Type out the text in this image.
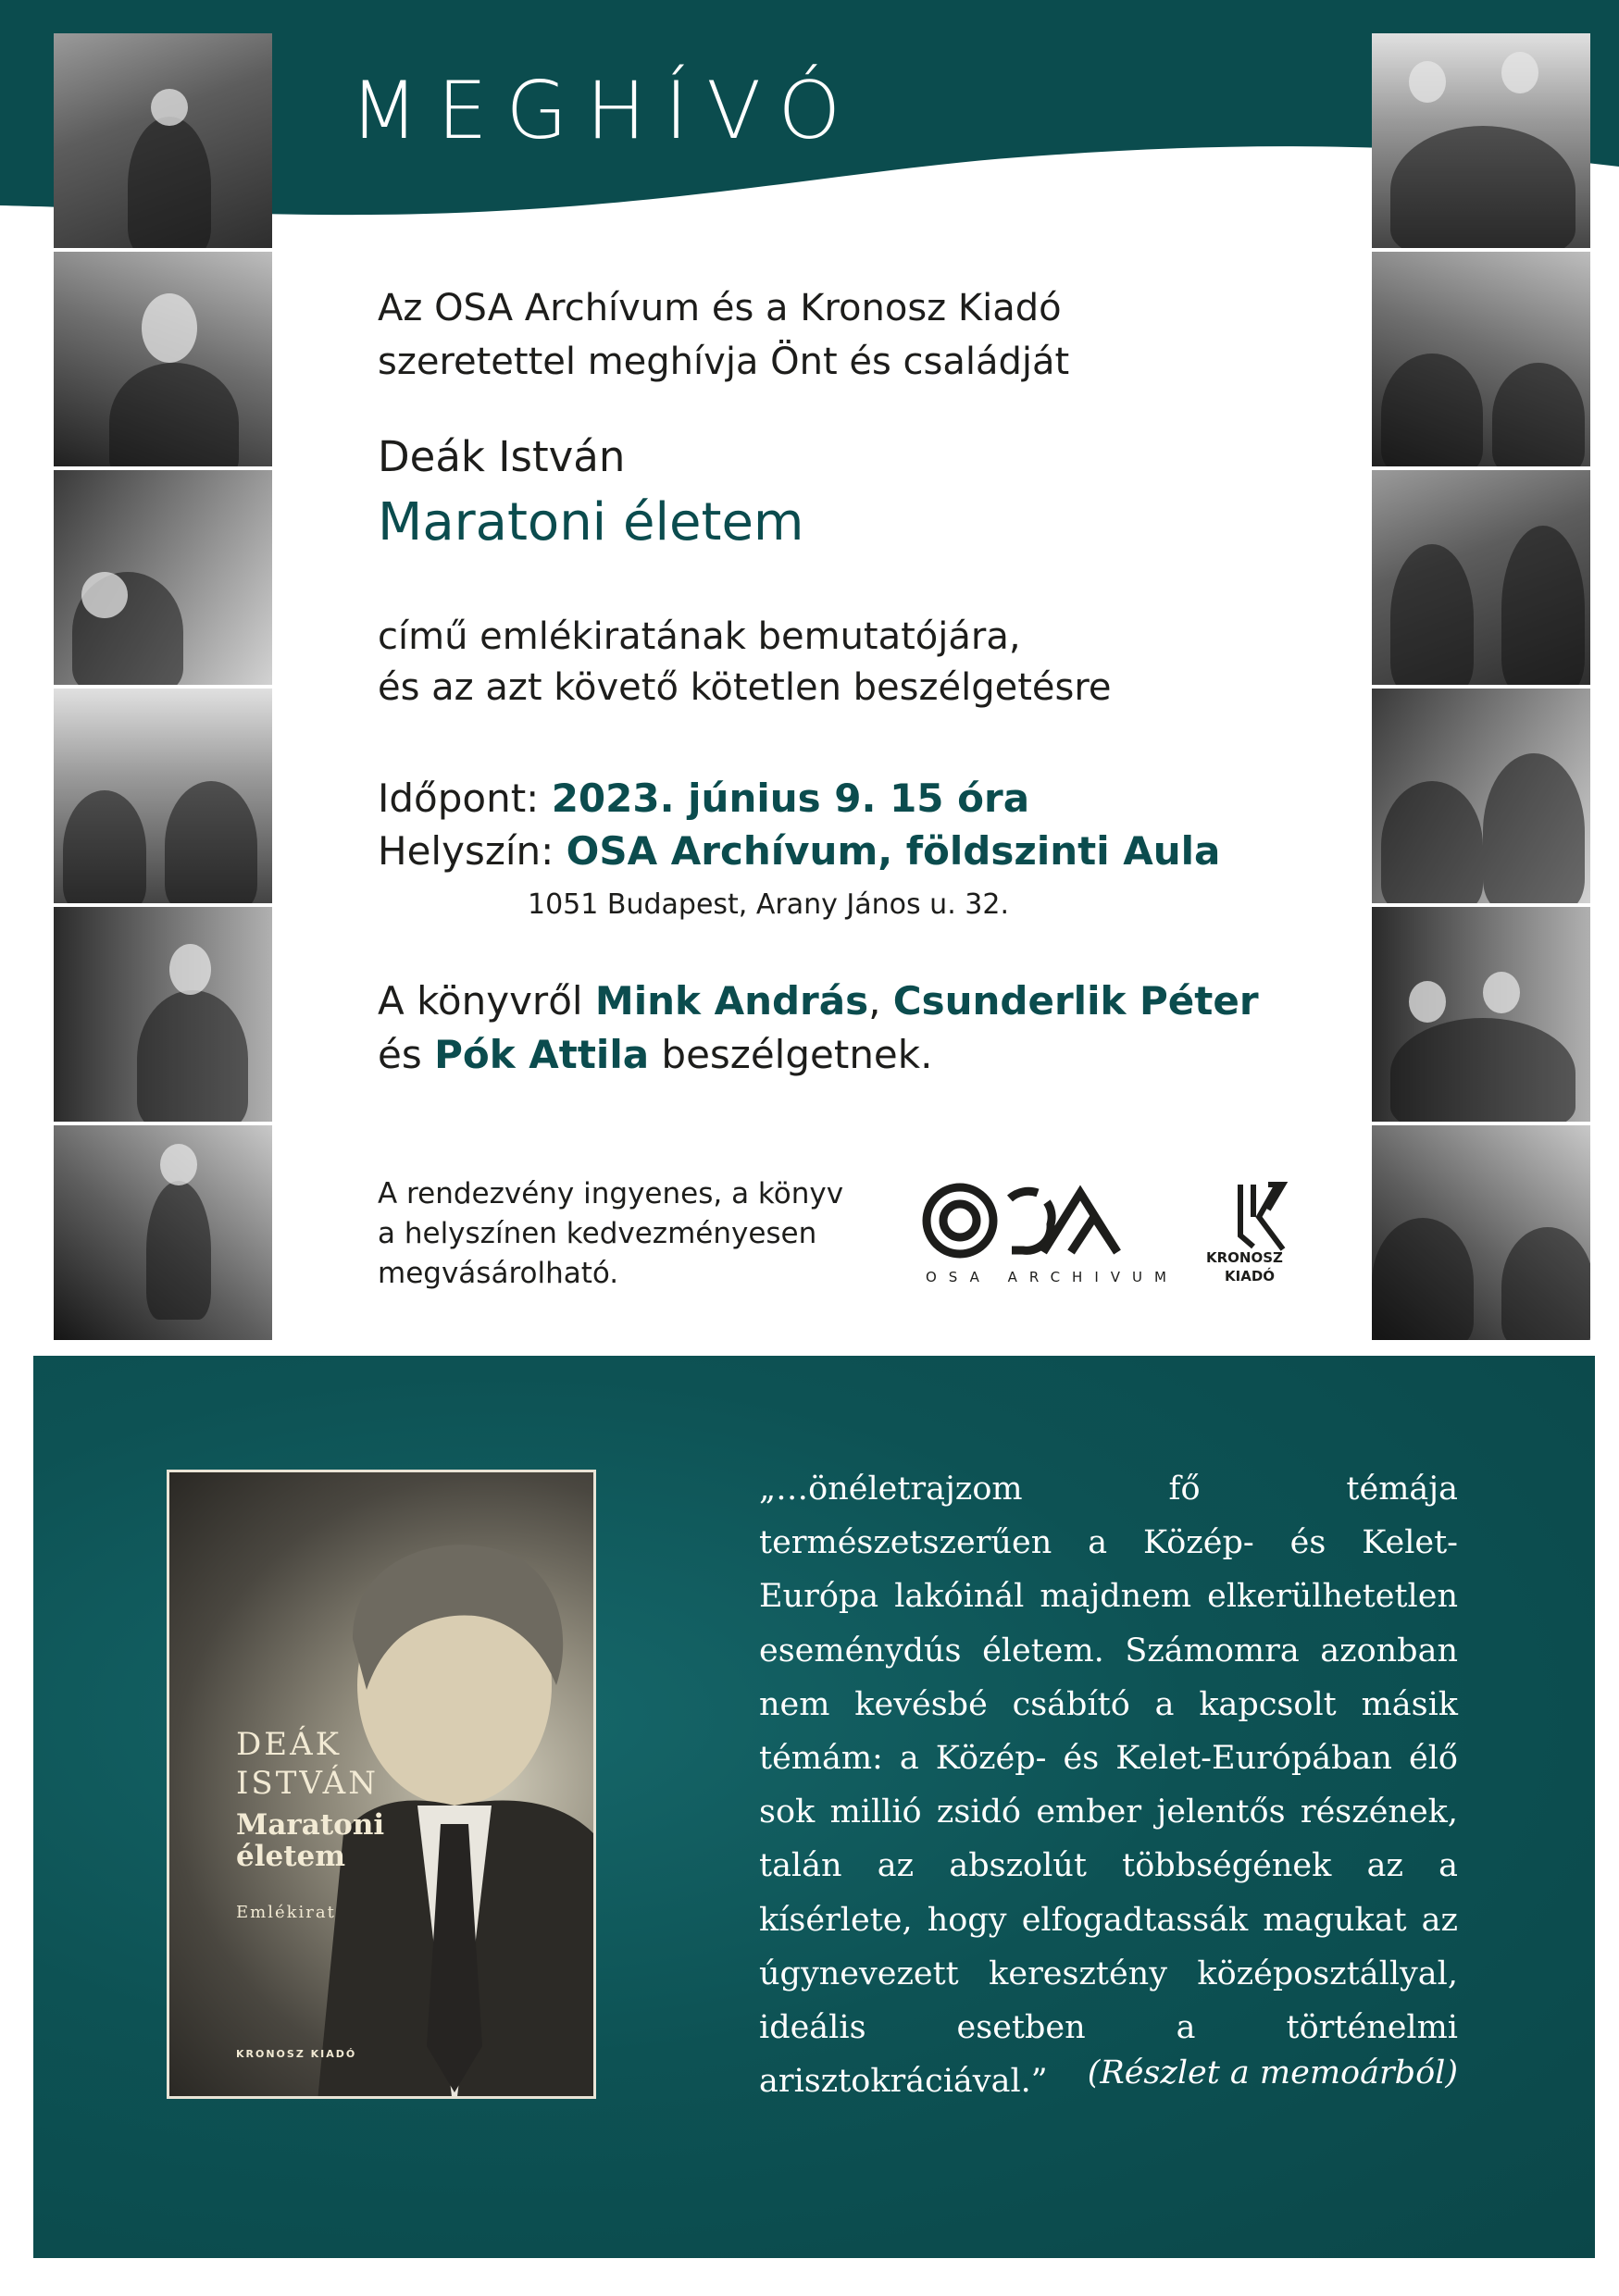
MEGHÍVÓ

Az OSA Archívum és a Kronosz Kiadó

szeretettel meghívja Önt és családját

Deák István

Maratoni életem

című emlékiratának bemutatójára,

és az azt követő kötetlen beszélgetésre

Időpont: 2023. június 9. 15 óra

Helyszín: OSA Archívum, földszinti Aula

1051 Budapest, Arany János u. 32.

A könyvről Mink András, Csunderlik Péter

és Pók Attila beszélgetnek.

A rendezvény ingyenes, a könyv

a helyszínen kedvezményesen

megvásárolható.	OSA ARCHIVUM

KRONOSZ

KIADÓ

DEÁK

ISTVÁN

Maratoni

életem

Emlékirat

KRONOSZ KIADÓ

„…önéletrajzom fő témája természetszerűen a Közép- és Kelet-Európa lakóinál majdnem elkerülhetetlen eseménydús életem. Számomra azonban nem kevésbé csábító a kapcsolt másik témám: a Közép- és Kelet-Európában élő sok millió zsidó ember jelentős részének, talán az abszolút többségének az a kísérlete, hogy elfogadtassák magukat az úgynevezett keresztény középosztállyal, ideális esetben a történelmi arisztokráciával.”	(Részlet a memoárból)
